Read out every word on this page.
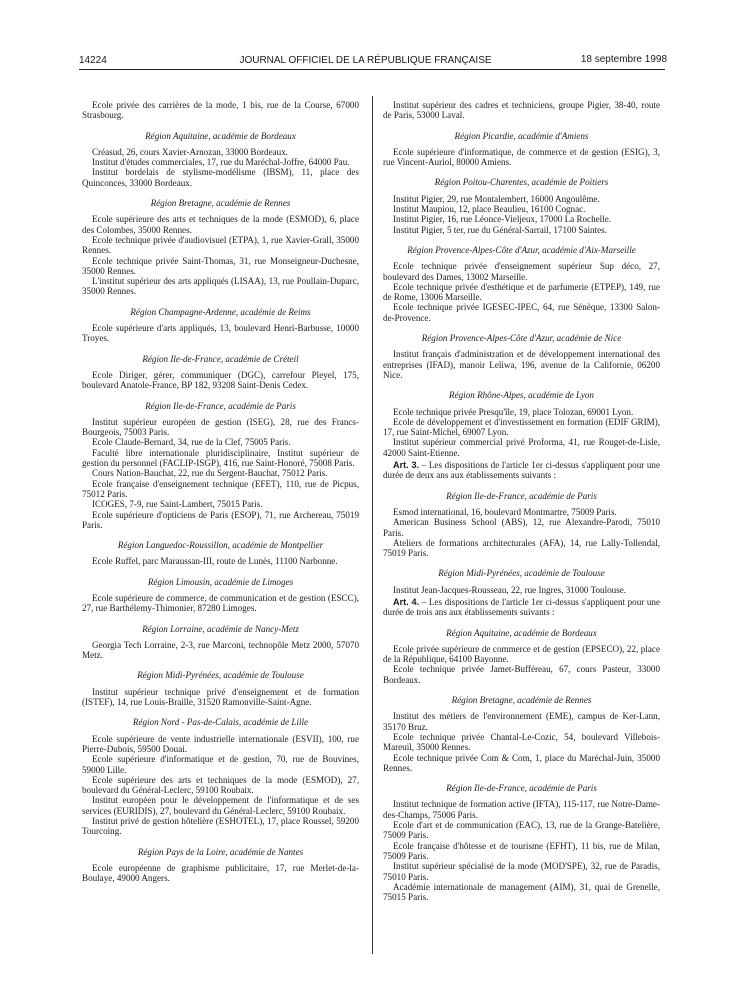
14224	JOURNAL OFFICIEL DE LA RÉPUBLIQUE FRANÇAISE	18 septembre 1998

Ecole privée des carrières de la mode, 1 bis, rue de la Course, 67000 Strasbourg.

Région Aquitaine, académie de Bordeaux

Créasud, 26, cours Xavier-Arnozan, 33000 Bordeaux.

Institut d'études commerciales, 17, rue du Maréchal-Joffre, 64000 Pau.

Institut bordelais de stylisme-modélisme (IBSM), 11, place des Quinconces, 33000 Bordeaux.

Région Bretagne, académie de Rennes

Ecole supérieure des arts et techniques de la mode (ESMOD), 6, place des Colombes, 35000 Rennes.

Ecole technique privée d'audiovisuel (ETPA), 1, rue Xavier-Grall, 35000 Rennes.

Ecole technique privée Saint-Thomas, 31, rue Monseigneur-Duchesne, 35000 Rennes.

L'institut supérieur des arts appliqués (LISAA), 13, rue Poullain-Duparc, 35000 Rennes.

Région Champagne-Ardenne, académie de Reims

Ecole supérieure d'arts appliqués, 13, boulevard Henri-Barbusse, 10000 Troyes.

Région Ile-de-France, académie de Créteil

Ecole Diriger, gérer, communiquer (DGC), carrefour Pleyel, 175, boulevard Anatole-France, BP 182, 93208 Saint-Denis Cedex.

Région Ile-de-France, académie de Paris

Institut supérieur européen de gestion (ISEG), 28, rue des Francs-Bourgeois, 75003 Paris.

Ecole Claude-Bernard, 34, rue de la Clef, 75005 Paris.

Faculté libre internationale pluridisciplinaire, Institut supérieur de gestion du personnel (FACLIP-ISGP), 416, rue Saint-Honoré, 75008 Paris.

Cours Nation-Bauchat, 22, rue du Sergent-Bauchat, 75012 Paris.

Ecole française d'enseignement technique (EFET), 110, rue de Picpus, 75012 Paris.

ICOGES, 7-9, rue Saint-Lambert, 75015 Paris.

Ecole supérieure d'opticiens de Paris (ESOP), 71, rue Archereau, 75019 Paris.

Région Languedoc-Roussillon, académie de Montpellier

Ecole Ruffel, parc Maraussan-III, route de Lunès, 11100 Narbonne.

Région Limousin, académie de Limoges

Ecole supérieure de commerce, de communication et de gestion (ESCC), 27, rue Barthélemy-Thimonier, 87280 Limoges.

Région Lorraine, académie de Nancy-Metz

Georgia Tech Lorraine, 2-3, rue Marconi, technopôle Metz 2000, 57070 Metz.

Région Midi-Pyrénées, académie de Toulouse

Institut supérieur technique privé d'enseignement et de formation (ISTEF), 14, rue Louis-Braille, 31520 Ramonville-Saint-Agne.

Région Nord - Pas-de-Calais, académie de Lille

Ecole supérieure de vente industrielle internationale (ESVII), 100, rue Pierre-Dubois, 59500 Douai.

Ecole supérieure d'informatique et de gestion, 70, rue de Bouvines, 59000 Lille.

Ecole supérieure des arts et techniques de la mode (ESMOD), 27, boulevard du Général-Leclerc, 59100 Roubaix.

Institut européen pour le développement de l'informatique et de ses services (EURIDIS), 27, boulevard du Général-Leclerc, 59100 Roubaix.

Institut privé de gestion hôtelière (ESHOTEL), 17, place Roussel, 59200 Tourcoing.

Région Pays de la Loire, académie de Nantes

Ecole européenne de graphisme publicitaire, 17, rue Merlet-de-la-Boulaye, 49000 Angers.

Institut supérieur des cadres et techniciens, groupe Pigier, 38-40, route de Paris, 53000 Laval.

Région Picardie, académie d'Amiens

Ecole supérieure d'informatique, de commerce et de gestion (ESIG), 3, rue Vincent-Auriol, 80000 Amiens.

Région Poitou-Charentes, académie de Poitiers

Institut Pigier, 29, rue Montalembert, 16000 Angoulême.

Institut Maupiou, 12, place Beaulieu, 16100 Cognac.

Institut Pigier, 16, rue Léonce-Vieljeux, 17000 La Rochelle.

Institut Pigier, 5 ter, rue du Général-Sarrail, 17100 Saintes.

Région Provence-Alpes-Côte d'Azur, académie d'Aix-Marseille

Ecole technique privée d'enseignement supérieur Sup déco, 27, boulevard des Dames, 13002 Marseille.

Ecole technique privée d'esthétique et de parfumerie (ETPEP), 149, rue de Rome, 13006 Marseille.

Ecole technique privée IGESEC-IPEC, 64, rue Sénèque, 13300 Salon-de-Provence.

Région Provence-Alpes-Côte d'Azur, académie de Nice

Institut français d'administration et de développement international des entreprises (IFAD), manoir Leliwa, 196, avenue de la Californie, 06200 Nice.

Région Rhône-Alpes, académie de Lyon

Ecole technique privée Presqu'île, 19, place Tolozan, 69001 Lyon.

Ecole de développement et d'investissement en formation (EDIF GRIM), 17, rue Saint-Michel, 69007 Lyon.

Institut supérieur commercial privé Proforma, 41, rue Rouget-de-Lisle, 42000 Saint-Etienne.

Art. 3. – Les dispositions de l'article 1er ci-dessus s'appliquent pour une durée de deux ans aux établissements suivants :

Région Ile-de-France, académie de Paris

Esmod international, 16, boulevard Montmartre, 75009 Paris.

American Business School (ABS), 12, rue Alexandre-Parodi, 75010 Paris.

Ateliers de formations architecturales (AFA), 14, rue Lally-Tollendal, 75019 Paris.

Région Midi-Pyrénées, académie de Toulouse

Institut Jean-Jacques-Rousseau, 22, rue Ingres, 31000 Toulouse.

Art. 4. – Les dispositions de l'article 1er ci-dessus s'appliquent pour une durée de trois ans aux établissements suivants :

Région Aquitaine, académie de Bordeaux

Ecole privée supérieure de commerce et de gestion (EPSECO), 22, place de la République, 64100 Bayonne.

Ecole technique privée Jamet-Bufféreau, 67, cours Pasteur, 33000 Bordeaux.

Région Bretagne, académie de Rennes

Institut des métiers de l'environnement (EME), campus de Ker-Lann, 35170 Bruz.

Ecole technique privée Chantal-Le-Cozic, 54, boulevard Villebois-Mareuil, 35000 Rennes.

Ecole technique privée Com & Com, 1, place du Maréchal-Juin, 35000 Rennes.

Région Ile-de-France, académie de Paris

Institut technique de formation active (IFTA), 115-117, rue Notre-Dame-des-Champs, 75006 Paris.

Ecole d'art et de communication (EAC), 13, rue de la Grange-Batelière, 75009 Paris.

Ecole française d'hôtesse et de tourisme (EFHT), 11 bis, rue de Milan, 75009 Paris.

Institut supérieur spécialisé de la mode (MOD'SPE), 32, rue de Paradis, 75010 Paris.

Académie internationale de management (AIM), 31, quai de Grenelle, 75015 Paris.
